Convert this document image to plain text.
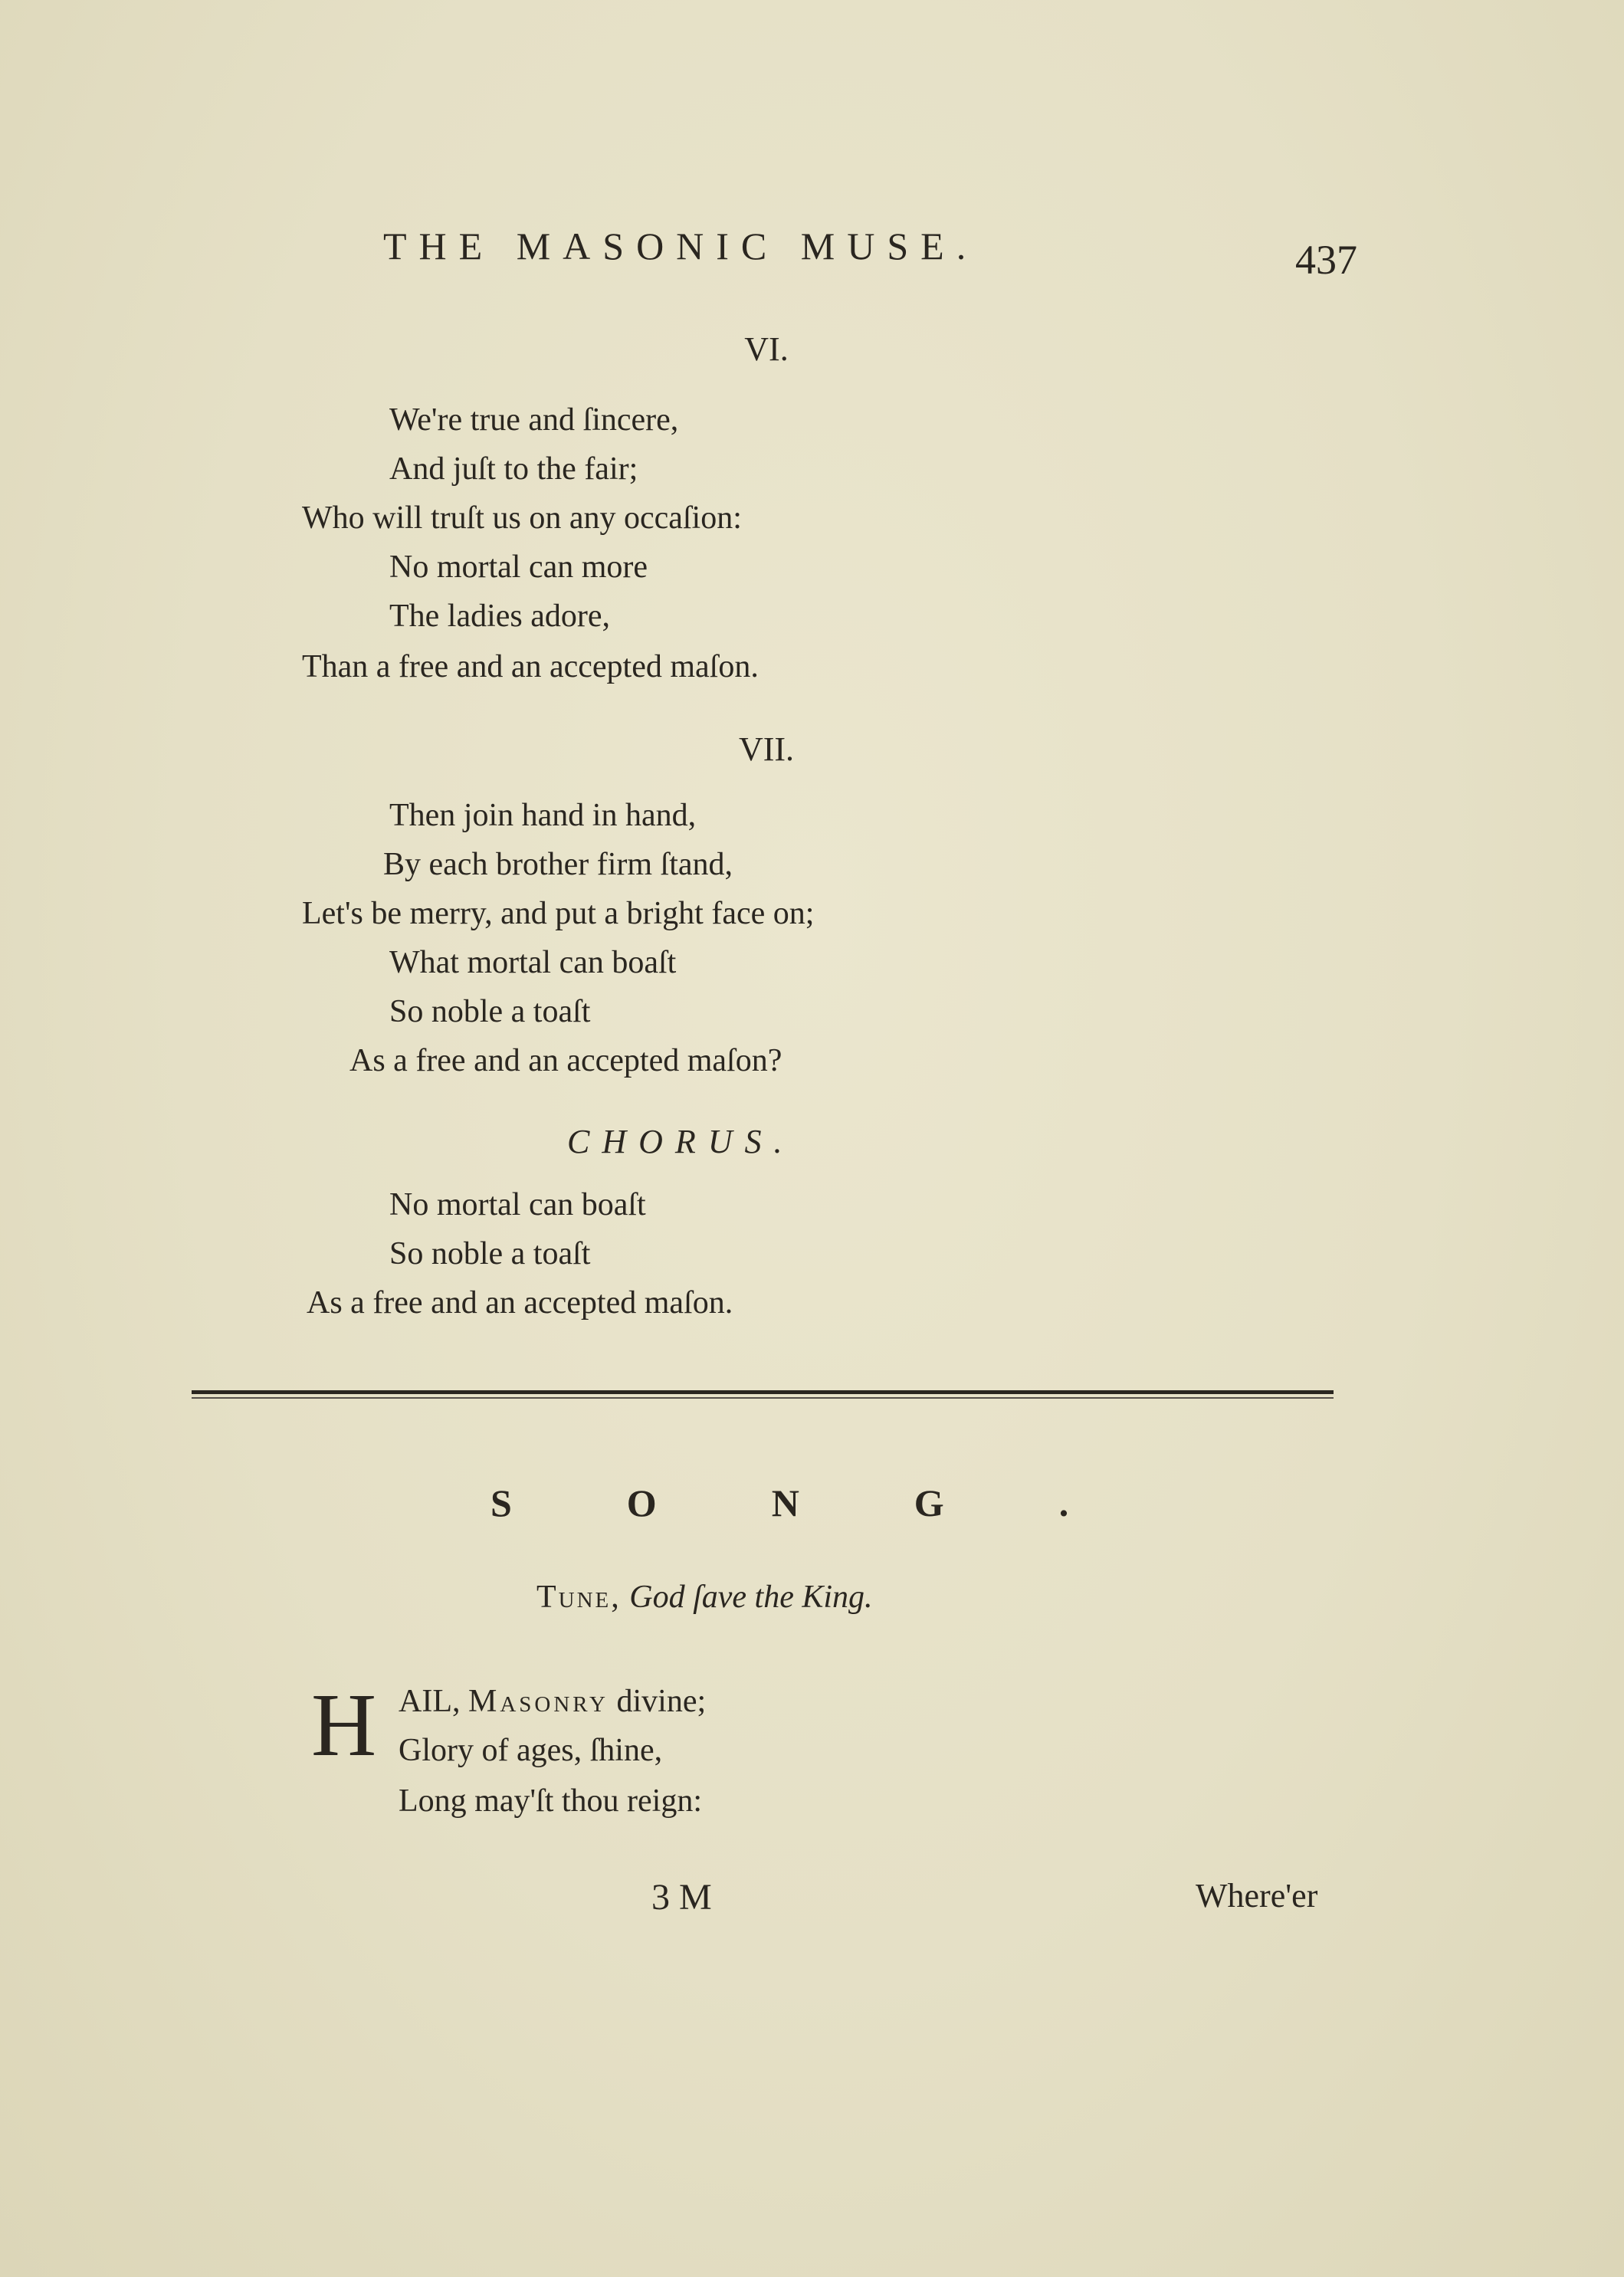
THE MASONIC MUSE.	437
VI.
We're true and ſincere,
And juſt to the fair;
Who will truſt us on any occaſion:
No mortal can more
The ladies adore,
Than a free and an accepted maſon.
VII.
Then join hand in hand,
By each brother firm ſtand,
Let's be merry, and put a bright face on;
What mortal can boaſt
So noble a toaſt
As a free and an accepted maſon?
CHORUS.
No mortal can boaſt
So noble a toaſt
As a free and an accepted maſon.
SONG.
Tune, God ſave the King.
H AIL, Masonry divine;
Glory of ages, ſhine,
Long may'ſt thou reign:
3 M	Where'er
